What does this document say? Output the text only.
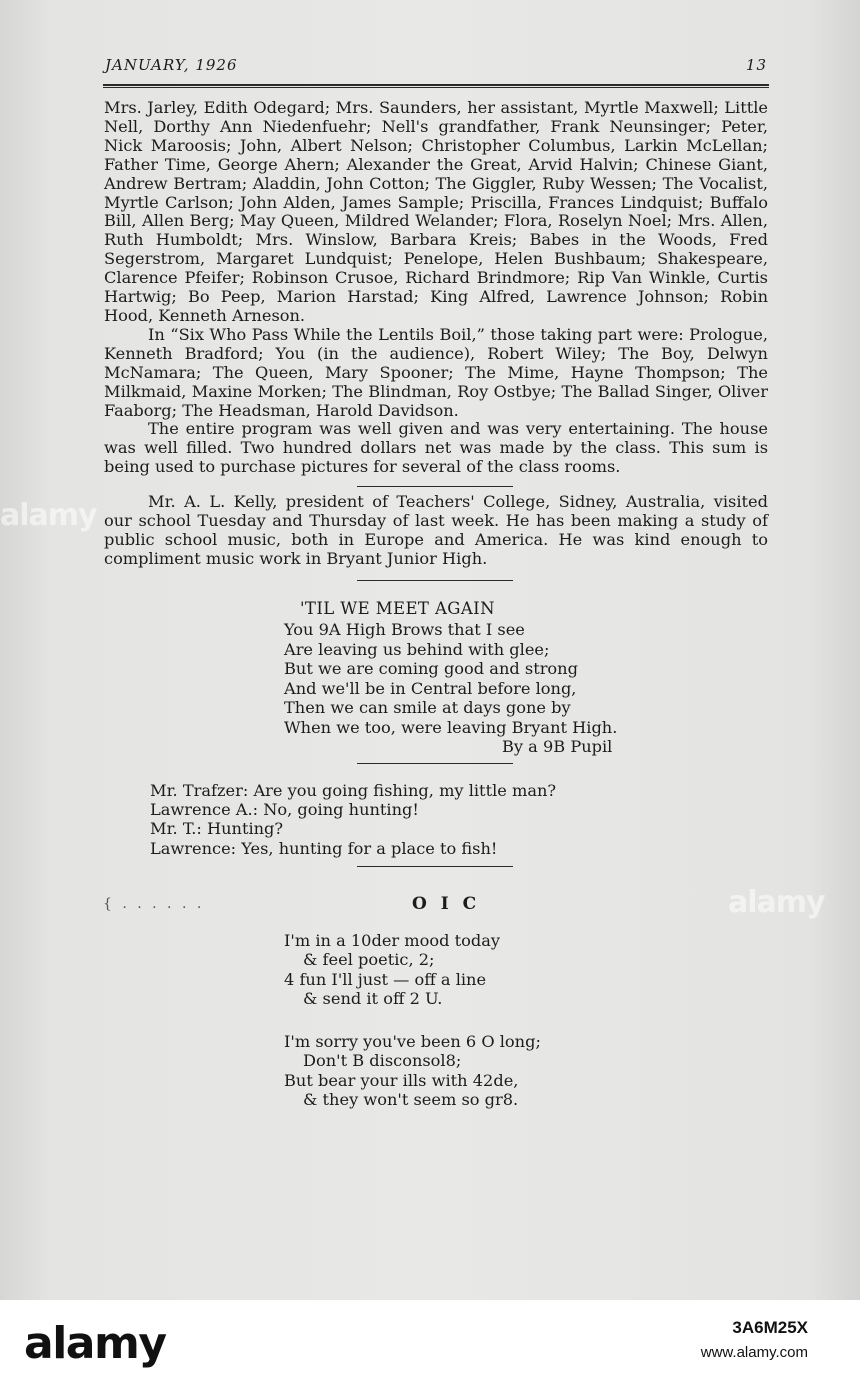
JANUARY, 1926	13

Mrs. Jarley, Edith Odegard; Mrs. Saunders, her assistant, Myrtle Maxwell; Little Nell, Dorthy Ann Niedenfuehr; Nell's grandfather, Frank Neunsinger; Peter, Nick Maroosis; John, Albert Nelson; Christopher Columbus, Larkin McLellan; Father Time, George Ahern; Alexander the Great, Arvid Halvin; Chinese Giant, Andrew Bertram; Aladdin, John Cotton; The Giggler, Ruby Wessen; The Vocalist, Myrtle Carlson; John Alden, James Sample; Priscilla, Frances Lindquist; Buffalo Bill, Allen Berg; May Queen, Mildred Welander; Flora, Roselyn Noel; Mrs. Allen, Ruth Humboldt; Mrs. Winslow, Barbara Kreis; Babes in the Woods, Fred Segerstrom, Margaret Lundquist; Penelope, Helen Bushbaum; Shakespeare, Clarence Pfeifer; Robinson Crusoe, Richard Brindmore; Rip Van Winkle, Curtis Hartwig; Bo Peep, Marion Harstad; King Alfred, Lawrence Johnson; Robin Hood, Kenneth Arneson.

In “Six Who Pass While the Lentils Boil,” those taking part were: Prologue, Kenneth Bradford; You (in the audience), Robert Wiley; The Boy, Delwyn McNamara; The Queen, Mary Spooner; The Mime, Hayne Thompson; The Milkmaid, Maxine Morken; The Blindman, Roy Ostbye; The Ballad Singer, Oliver Faaborg; The Headsman, Harold Davidson.

The entire program was well given and was very entertaining. The house was well filled. Two hundred dollars net was made by the class. This sum is being used to purchase pictures for several of the class rooms.

Mr. A. L. Kelly, president of Teachers' College, Sidney, Australia, visited our school Tuesday and Thursday of last week. He has been making a study of public school music, both in Europe and America. He was kind enough to compliment music work in Bryant Junior High.

'TIL WE MEET AGAIN
You 9A High Brows that I see
Are leaving us behind with glee;
But we are coming good and strong
And we'll be in Central before long,
Then we can smile at days gone by
When we too, were leaving Bryant High.
By a 9B Pupil
Mr. Trafzer: Are you going fishing, my little man?
Lawrence A.: No, going hunting!
Mr. T.: Hunting?
Lawrence: Yes, hunting for a place to fish!
{ . . . . . .	O I C
I'm in a 10der mood today
& feel poetic, 2;
4 fun I'll just — off a line
& send it off 2 U.
I'm sorry you've been 6 O long;
Don't B disconsol8;
But bear your ills with 42de,
& they won't seem so gr8.
alamy
alamy
alamy	3A6M25X
www.alamy.com
